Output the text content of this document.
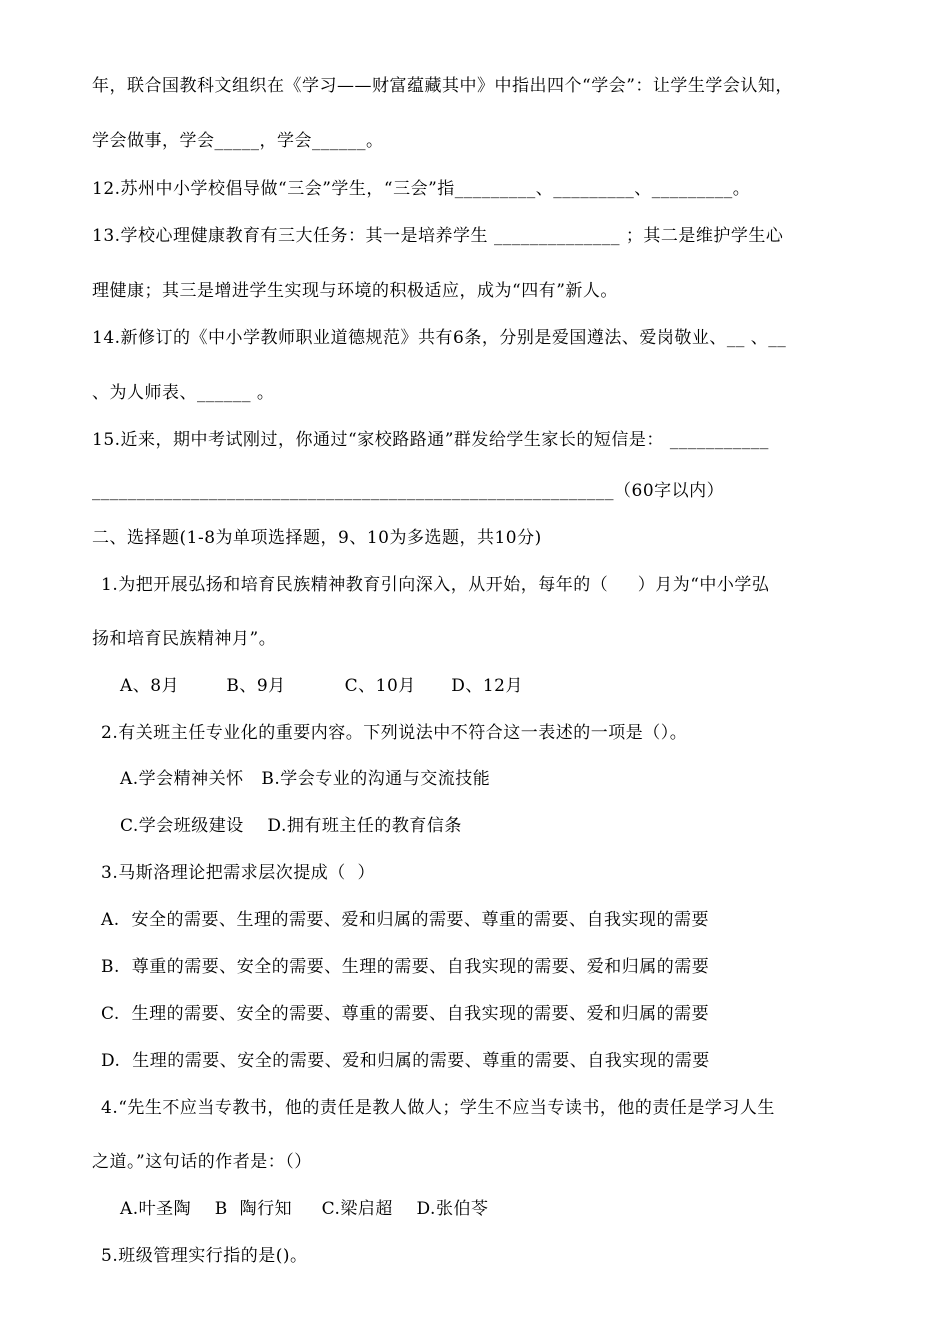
年，联合国教科文组织在《学习——财富蕴藏其中》中指出四个“学会”：让学生学会认知，
学会做事，学会_____，学会______。
12.苏州中小学校倡导做“三会”学生，“三会”指_________、_________、_________。
13.学校心理健康教育有三大任务：其一是培养学生 ______________ ；其二是维护学生心
理健康；其三是增进学生实现与环境的积极适应，成为“四有”新人。
14.新修订的《中小学教师职业道德规范》共有6条，分别是爱国遵法、爱岗敬业、__ 、__
、为人师表、______ 。
15.近来，期中考试刚过，你通过“家校路路通”群发给学生家长的短信是： ___________
__________________________________________________________（60字以内）
二、选择题(1-8为单项选择题，9、10为多选题，共10分)
1.为把开展弘扬和培育民族精神教育引向深入，从开始，每年的（     ）月为“中小学弘
扬和培育民族精神月”。
A、8月        B、9月          C、10月      D、12月
2.有关班主任专业化的重要内容。下列说法中不符合这一表述的一项是（）。
A.学会精神关怀   B.学会专业的沟通与交流技能
C.学会班级建设    D.拥有班主任的教育信条
3.马斯洛理论把需求层次提成（  ）
A.  安全的需要、生理的需要、爱和归属的需要、尊重的需要、自我实现的需要
B.  尊重的需要、安全的需要、生理的需要、自我实现的需要、爱和归属的需要
C.  生理的需要、安全的需要、尊重的需要、自我实现的需要、爱和归属的需要
D.  生理的需要、安全的需要、爱和归属的需要、尊重的需要、自我实现的需要
4.“先生不应当专教书，他的责任是教人做人；学生不应当专读书，他的责任是学习人生
之道。”这句话的作者是：（）
A.叶圣陶    B  陶行知     C.梁启超    D.张伯苓
5.班级管理实行指的是()。
